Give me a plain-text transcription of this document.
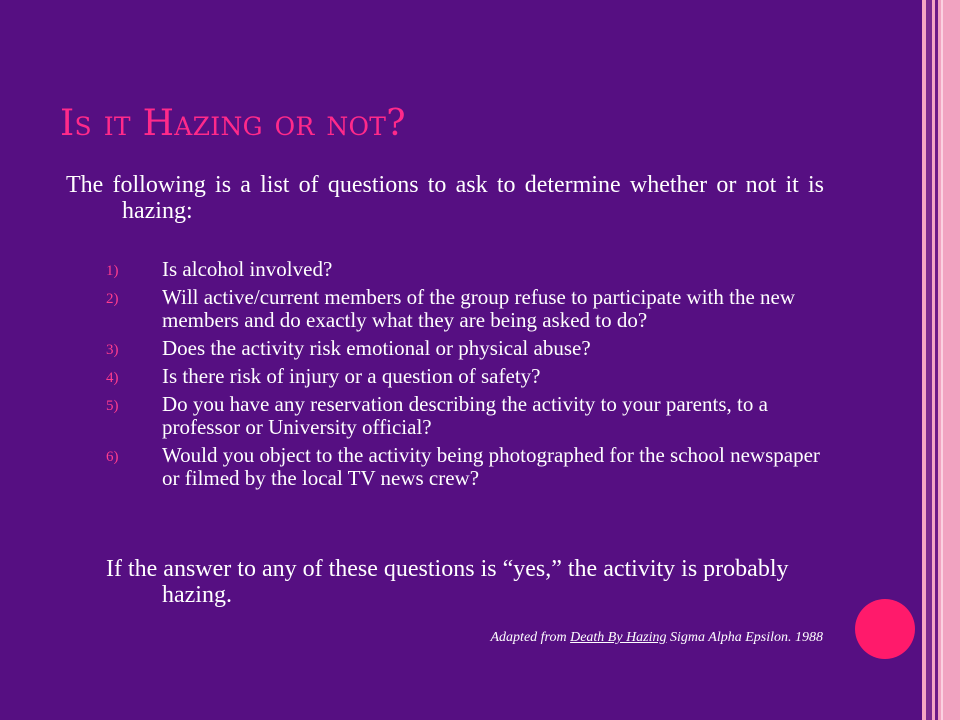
Is it Hazing or not?

The following is a list of questions to ask to determine whether or not it is hazing:

1) Is alcohol involved?
2) Will active/current members of the group refuse to participate with the new members and do exactly what they are being asked to do?
3) Does the activity risk emotional or physical abuse?
4) Is there risk of injury or a question of safety?
5) Do you have any reservation describing the activity to your parents, to a professor or University official?
6) Would you object to the activity being photographed for the school newspaper or filmed by the local TV news crew?

If the answer to any of these questions is “yes,” the activity is probably hazing.

Adapted from Death By Hazing Sigma Alpha Epsilon. 1988
